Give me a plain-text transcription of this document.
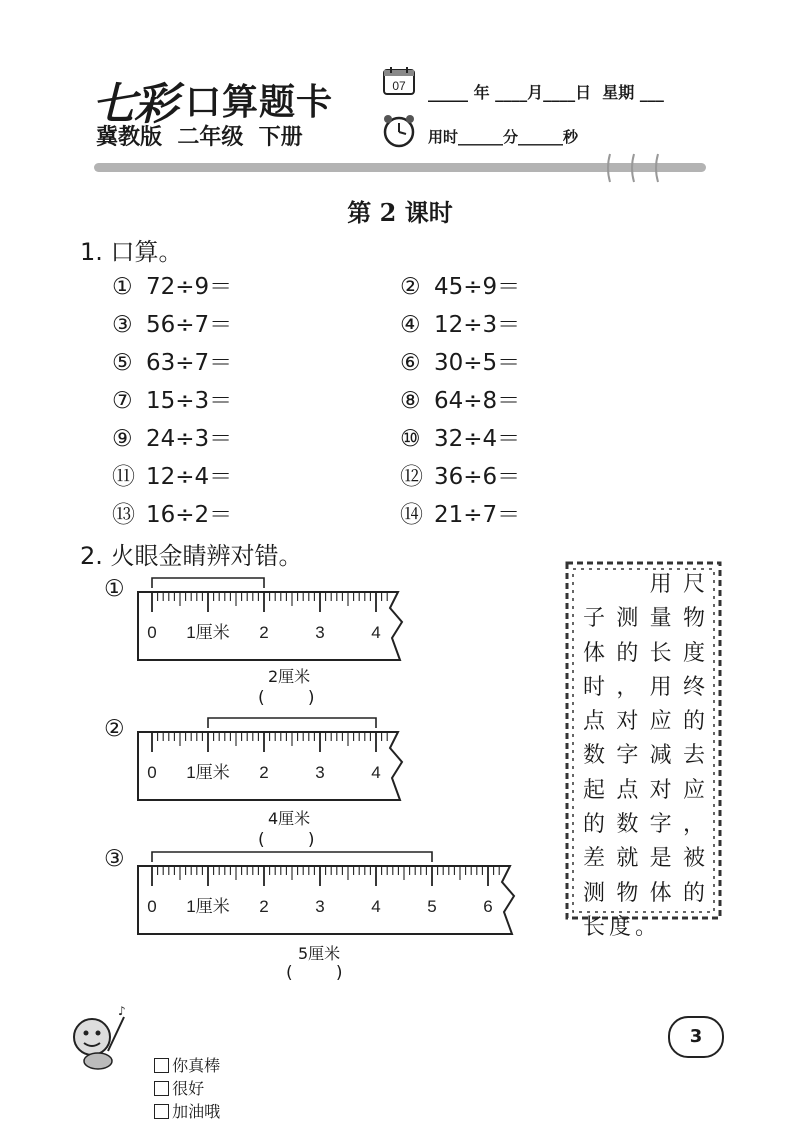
七彩 口算题卡
冀教版  二年级  下册
07 _____ 年 ____月____日  星期 ___
用时______分______秒
第 2 课时
1. 口算。
① 72÷9＝	② 45÷9＝
③ 56÷7＝	④ 12÷3＝
⑤ 63÷7＝	⑥ 30÷5＝
⑦ 15÷3＝	⑧ 64÷8＝
⑨ 24÷3＝	⑩ 32÷4＝
⑪ 12÷4＝	⑫ 36÷6＝
⑬ 16÷2＝	⑭ 21÷7＝
2. 火眼金睛辨对错。
①
0 1厘米 2	3	4
2厘米
(        )
②
0 1厘米 2	3	4
4厘米
(        )
③
0 1厘米 2	3	4	5	6
5厘米
(        )
　　用尺子测量物体的长度时，用终点对应的数字减去起点对应的数字，差就是被测物体的长度。
♪

你真棒
很好
加油哦

3
